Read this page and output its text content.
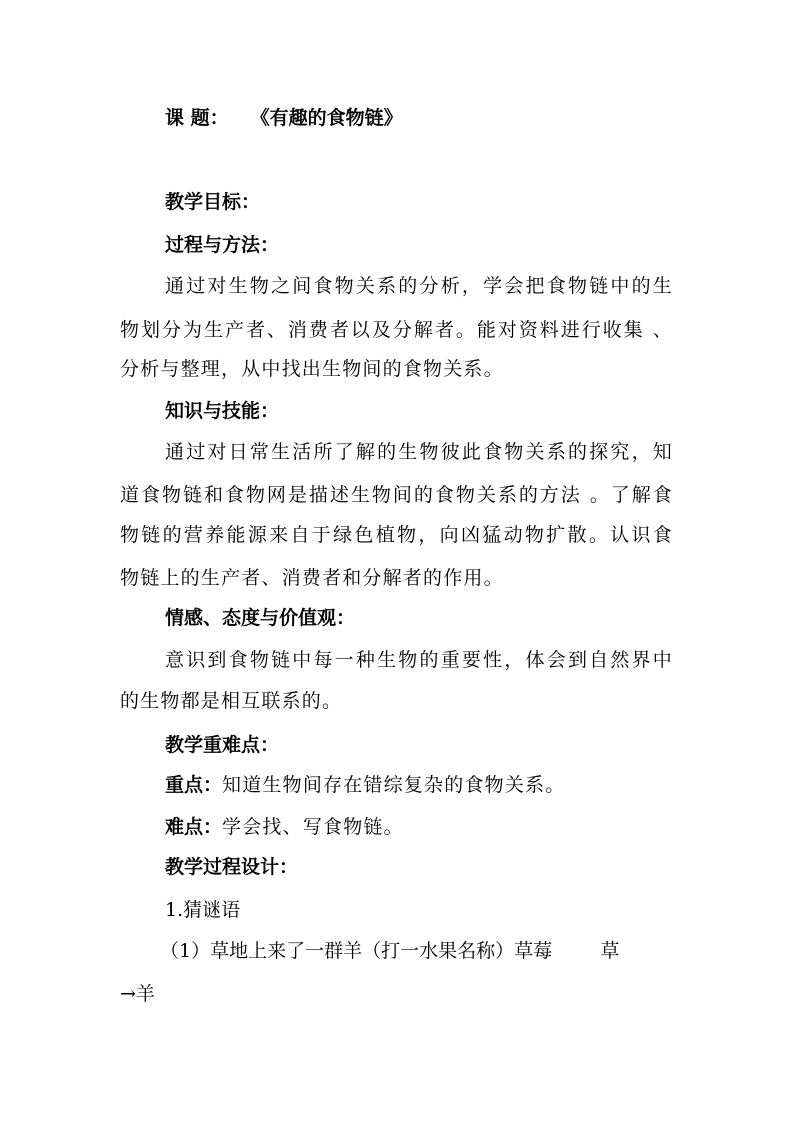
课 题： 《有趣的食物链》
教学目标：
过程与方法：
通过对生物之间食物关系的分析，学会把食物链中的生
物划分为生产者、消费者以及分解者。能对资料进行收集 、
分析与整理，从中找出生物间的食物关系。
知识与技能：
通过对日常生活所了解的生物彼此食物关系的探究，知
道食物链和食物网是描述生物间的食物关系的方法 。了解食
物链的营养能源来自于绿色植物，向凶猛动物扩散。认识食
物链上的生产者、消费者和分解者的作用。
情感、态度与价值观：
意识到食物链中每一种生物的重要性，体会到自然界中
的生物都是相互联系的。
教学重难点：
重点：知道生物间存在错综复杂的食物关系。
难点：学会找、写食物链。
教学过程设计：
1.猜谜语
（1）草地上来了一群羊（打一水果名称）草莓        草
→羊
